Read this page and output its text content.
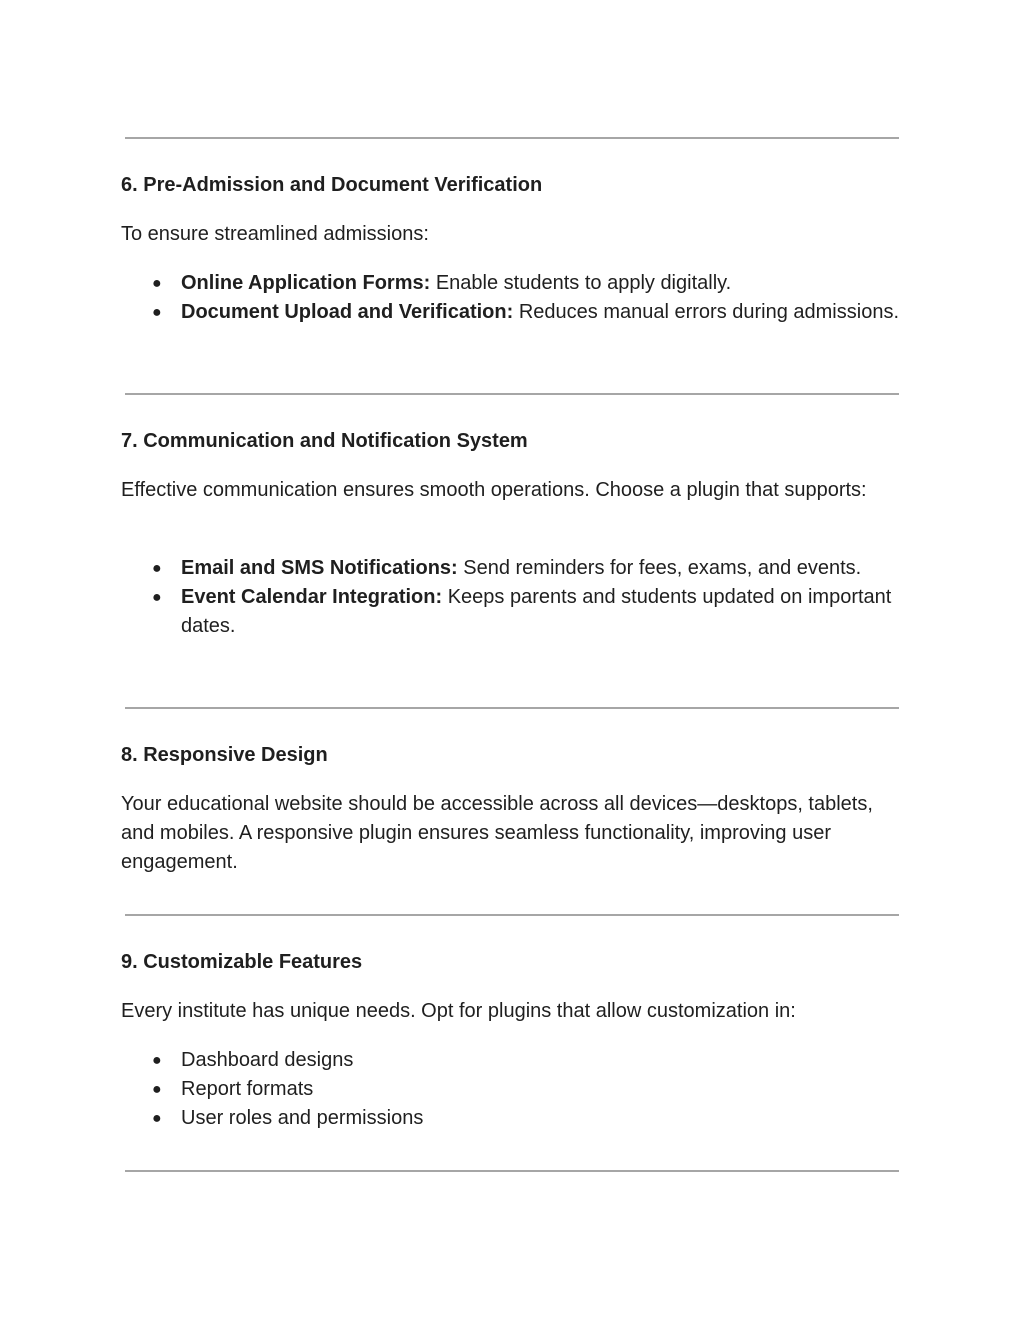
6. Pre-Admission and Document Verification

To ensure streamlined admissions:

● Online Application Forms: Enable students to apply digitally.
● Document Upload and Verification: Reduces manual errors during admissions.
7. Communication and Notification System

Effective communication ensures smooth operations. Choose a plugin that supports:

● Email and SMS Notifications: Send reminders for fees, exams, and events.
● Event Calendar Integration: Keeps parents and students updated on important dates.
8. Responsive Design

Your educational website should be accessible across all devices—desktops, tablets, and mobiles. A responsive plugin ensures seamless functionality, improving user engagement.

9. Customizable Features

Every institute has unique needs. Opt for plugins that allow customization in:

● Dashboard designs
● Report formats
● User roles and permissions
